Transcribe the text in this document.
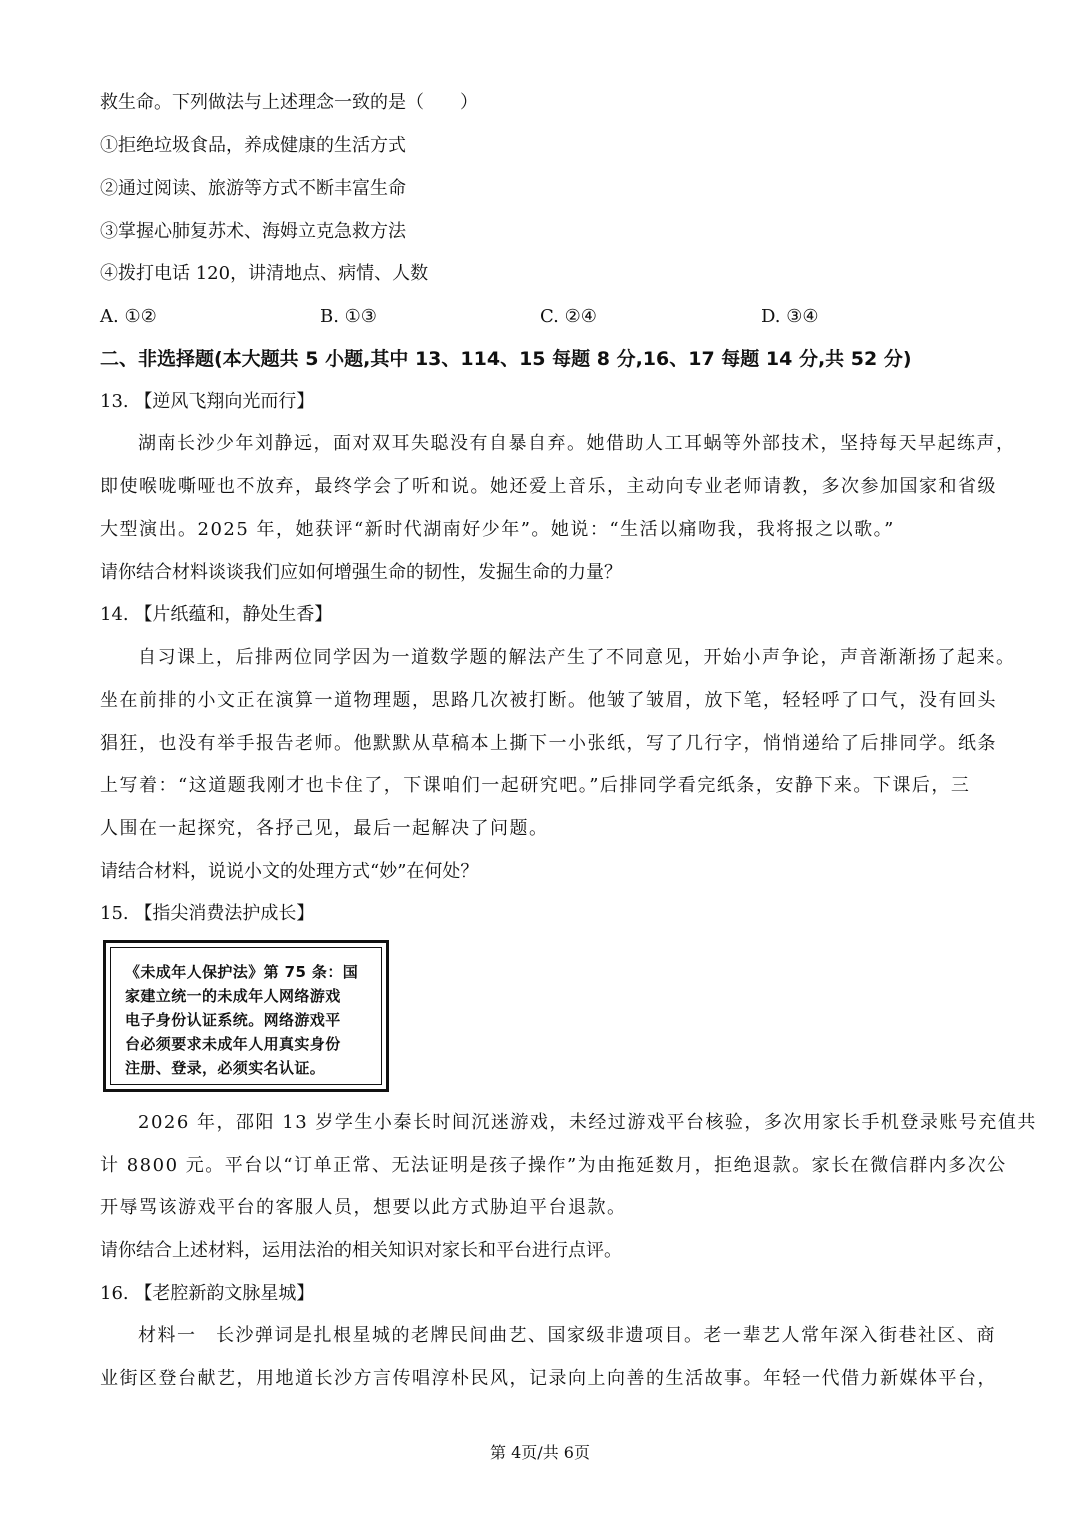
救生命。下列做法与上述理念一致的是（　　）
①拒绝垃圾食品，养成健康的生活方式
②通过阅读、旅游等方式不断丰富生命
③掌握心肺复苏术、海姆立克急救方法
④拨打电话 120，讲清地点、病情、人数
A. ①②	B. ①③	C. ②④	D. ③④
二、非选择题(本大题共 5 小题,其中 13、114、15 每题 8 分,16、17 每题 14 分,共 52 分)
13. 【逆风飞翔向光而行】
湖南长沙少年刘静远，面对双耳失聪没有自暴自弃。她借助人工耳蜗等外部技术，坚持每天早起练声，
即使喉咙嘶哑也不放弃，最终学会了听和说。她还爱上音乐，主动向专业老师请教，多次参加国家和省级
大型演出。2025 年，她获评“新时代湖南好少年”。她说：“生活以痛吻我，我将报之以歌。”
请你结合材料谈谈我们应如何增强生命的韧性，发掘生命的力量？
14. 【片纸蕴和，静处生香】
自习课上，后排两位同学因为一道数学题的解法产生了不同意见，开始小声争论，声音渐渐扬了起来。
坐在前排的小文正在演算一道物理题，思路几次被打断。他皱了皱眉，放下笔，轻轻呼了口气，没有回头
猖狂，也没有举手报告老师。他默默从草稿本上撕下一小张纸，写了几行字，悄悄递给了后排同学。纸条
上写着：“这道题我刚才也卡住了，下课咱们一起研究吧。”后排同学看完纸条，安静下来。下课后，三
人围在一起探究，各抒己见，最后一起解决了问题。
请结合材料，说说小文的处理方式“妙”在何处？
15. 【指尖消费法护成长】
《未成年人保护法》第 75 条：国
家建立统一的未成年人网络游戏
电子身份认证系统。网络游戏平
台必须要求未成年人用真实身份
注册、登录，必须实名认证。
2026 年，邵阳 13 岁学生小秦长时间沉迷游戏，未经过游戏平台核验，多次用家长手机登录账号充值共
计 8800 元。平台以“订单正常、无法证明是孩子操作”为由拖延数月，拒绝退款。家长在微信群内多次公
开辱骂该游戏平台的客服人员，想要以此方式胁迫平台退款。
请你结合上述材料，运用法治的相关知识对家长和平台进行点评。
16. 【老腔新韵文脉星城】
材料一　长沙弹词是扎根星城的老牌民间曲艺、国家级非遗项目。老一辈艺人常年深入街巷社区、商
业街区登台献艺，用地道长沙方言传唱淳朴民风，记录向上向善的生活故事。年轻一代借力新媒体平台，
第 4页/共 6页
